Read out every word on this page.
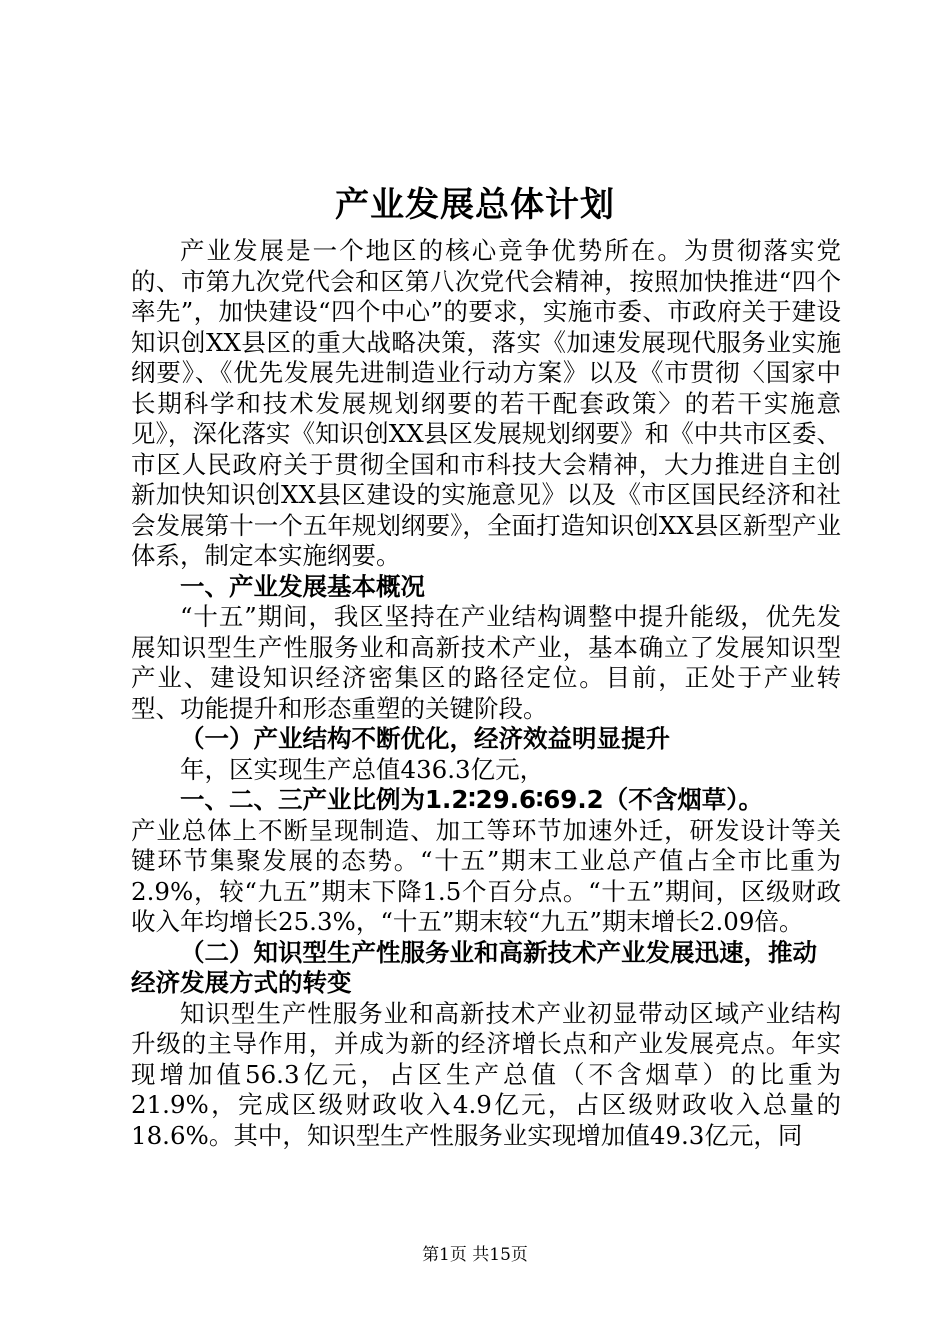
产业发展总体计划

产业发展是一个地区的核心竞争优势所在。为贯彻落实党的、市第九次党代会和区第八次党代会精神，按照加快推进“四个率先”，加快建设“四个中心”的要求，实施市委、市政府关于建设知识创XX县区的重大战略决策，落实《加速发展现代服务业实施纲要》、《优先发展先进制造业行动方案》以及《市贯彻〈国家中长期科学和技术发展规划纲要的若干配套政策〉的若干实施意见》，深化落实《知识创XX县区发展规划纲要》和《中共市区委、市区人民政府关于贯彻全国和市科技大会精神，大力推进自主创新加快知识创XX县区建设的实施意见》以及《市区国民经济和社会发展第十一个五年规划纲要》，全面打造知识创XX县区新型产业体系，制定本实施纲要。

一、产业发展基本概况

“十五”期间，我区坚持在产业结构调整中提升能级，优先发展知识型生产性服务业和高新技术产业，基本确立了发展知识型产业、建设知识经济密集区的路径定位。目前，正处于产业转型、功能提升和形态重塑的关键阶段。

（一）产业结构不断优化，经济效益明显提升

年，区实现生产总值436.3亿元，

一、二、三产业比例为1.2∶29.6∶69.2（不含烟草）。

产业总体上不断呈现制造、加工等环节加速外迁，研发设计等关键环节集聚发展的态势。“十五”期末工业总产值占全市比重为2.9%，较“九五”期末下降1.5个百分点。“十五”期间，区级财政收入年均增长25.3%，“十五”期末较“九五”期末增长2.09倍。

（二）知识型生产性服务业和高新技术产业发展迅速，推动经济发展方式的转变

知识型生产性服务业和高新技术产业初显带动区域产业结构升级的主导作用，并成为新的经济增长点和产业发展亮点。年实现增加值56.3亿元，占区生产总值（不含烟草）的比重为21.9%，完成区级财政收入4.9亿元，占区级财政收入总量的18.6%。其中，知识型生产性服务业实现增加值49.3亿元，同

第1页 共15页
